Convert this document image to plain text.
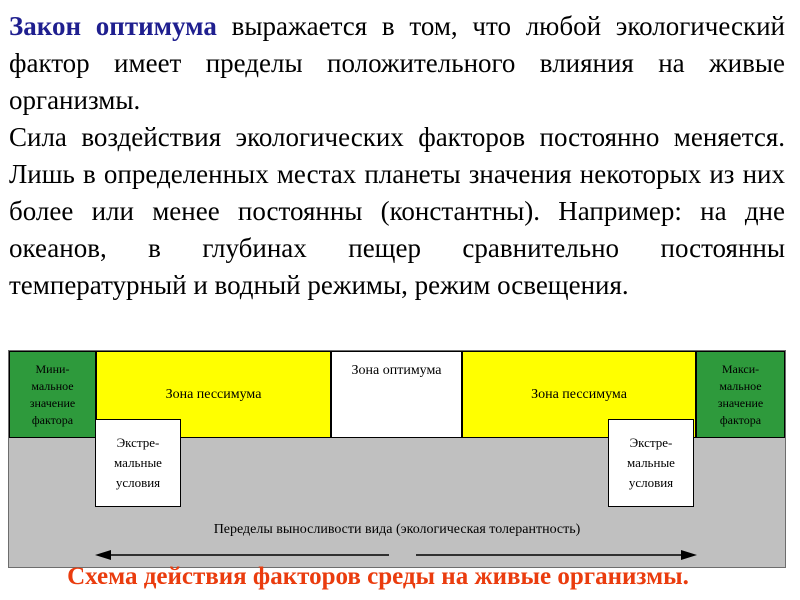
Закон оптимума выражается в том, что любой экологический фактор имеет пределы положительного влияния на живые организмы.

Сила воздействия экологических факторов постоянно меняется. Лишь в определенных местах планеты значения некоторых из них более или менее постоянны (константны). Например: на дне океанов, в глубинах пещер сравнительно постоянны температурный и водный режимы, режим освещения.

Мини-
мальное
значение
фактора
Зона пессимума
Зона оптимума
Зона пессимума
Макси-
мальное
значение
фактора
Экстре-
мальные
условия
Экстре-
мальные
условия
Переделы выносливости вида (экологическая толерантность)
Схема действия факторов среды на живые организмы.
